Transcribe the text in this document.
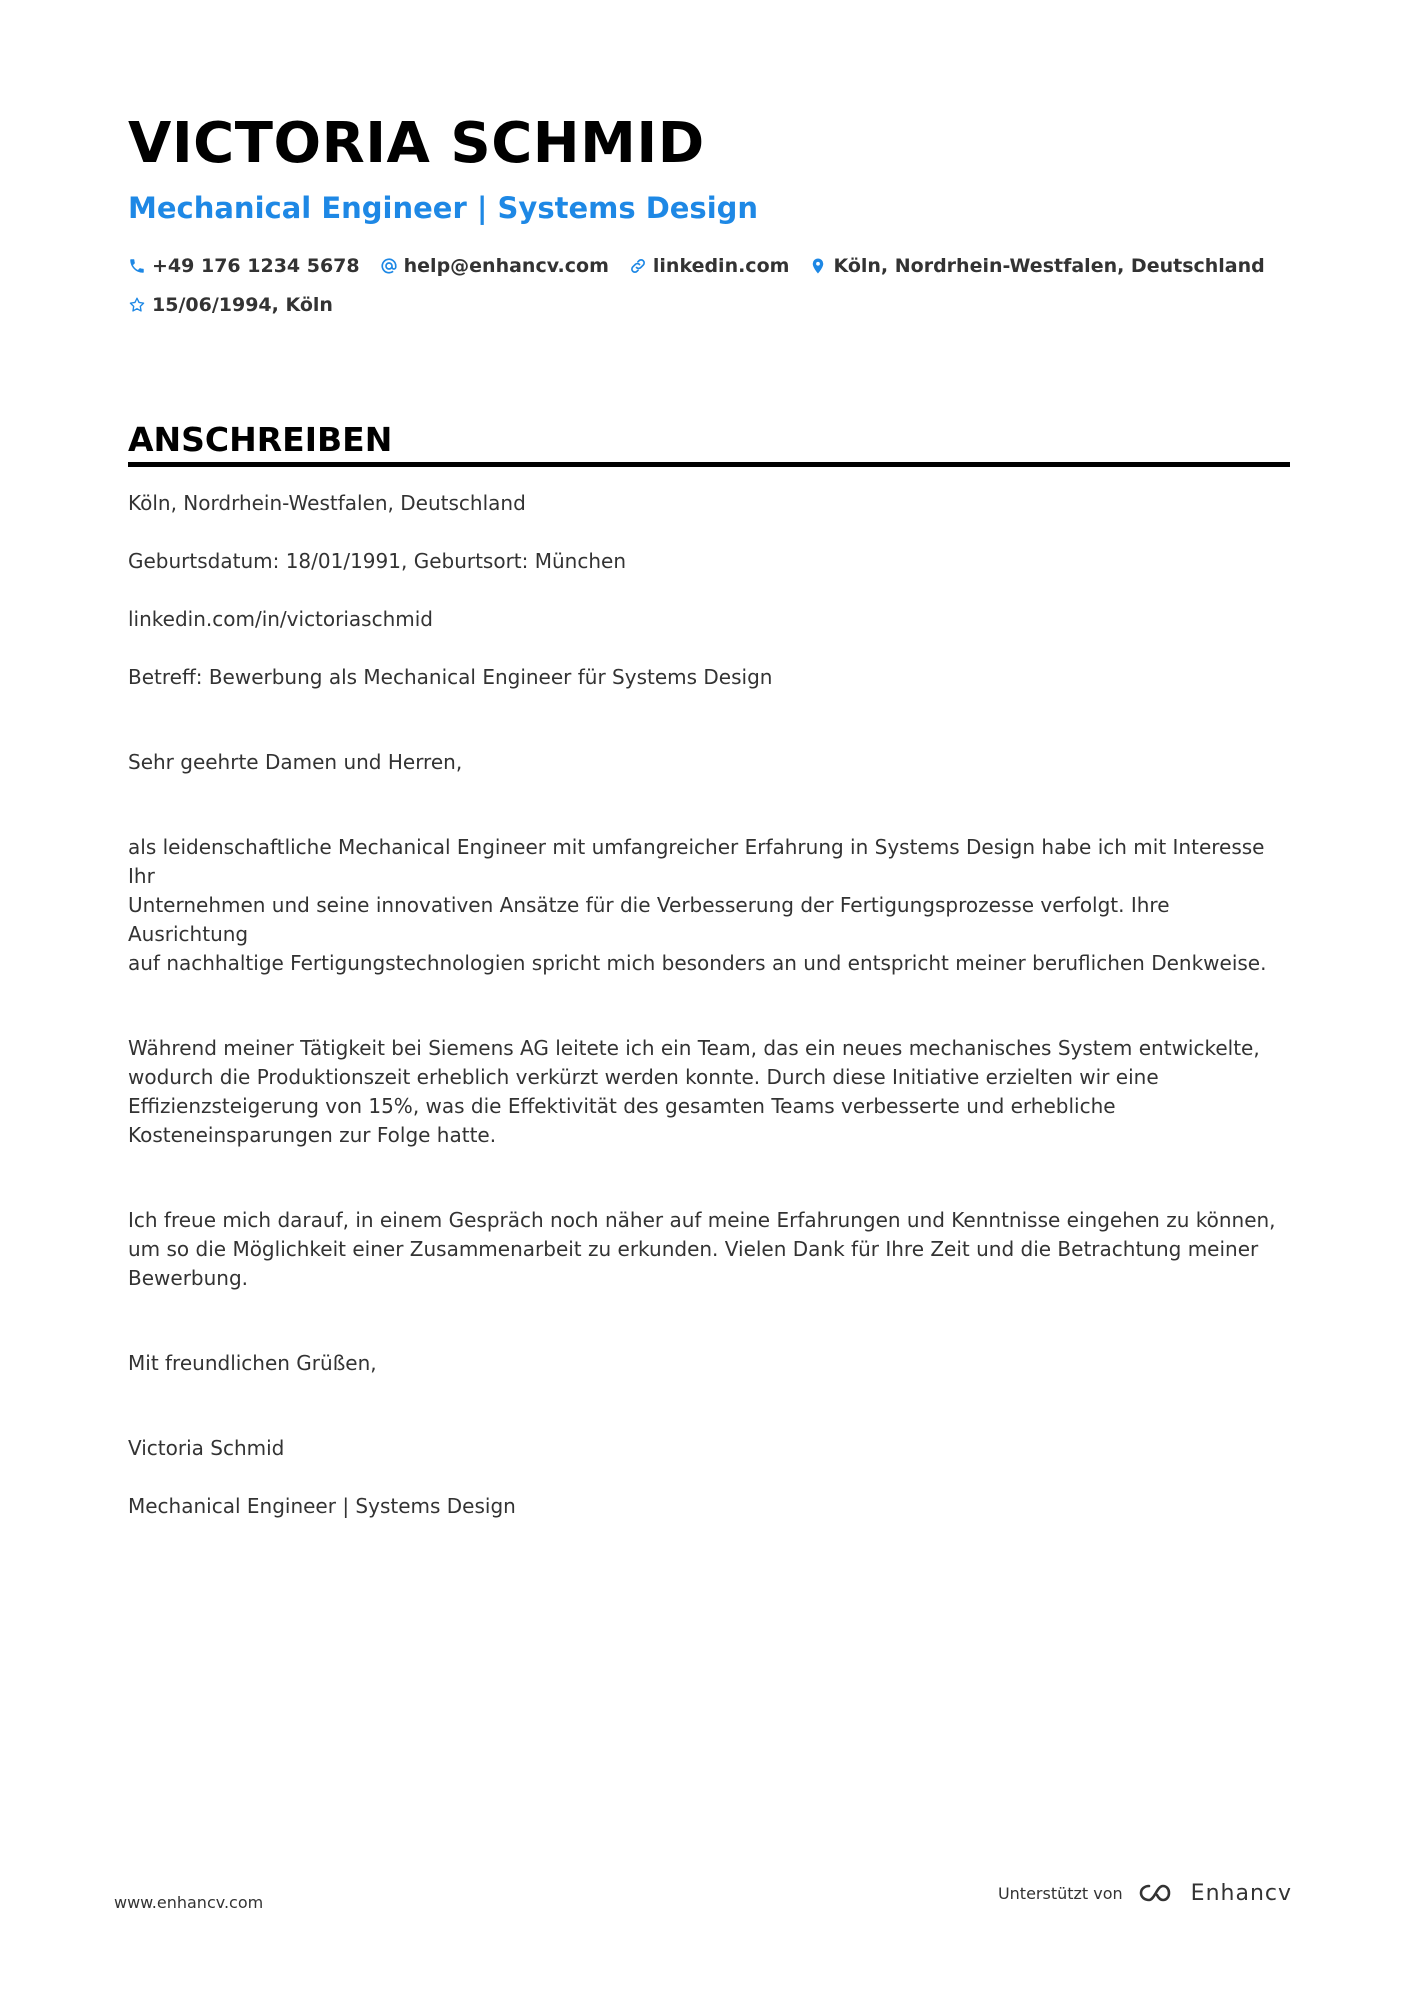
VICTORIA SCHMID
Mechanical Engineer | Systems Design
+49 176 1234 5678 help@enhancv.com linkedin.com Köln, Nordrhein-Westfalen, Deutschland
15/06/1994, Köln
ANSCHREIBEN

Köln, Nordrhein-Westfalen, Deutschland

Geburtsdatum: 18/01/1991, Geburtsort: München

linkedin.com/in/victoriaschmid

Betreff: Bewerbung als Mechanical Engineer für Systems Design

Sehr geehrte Damen und Herren,

als leidenschaftliche Mechanical Engineer mit umfangreicher Erfahrung in Systems Design habe ich mit Interesse Ihr

Unternehmen und seine innovativen Ansätze für die Verbesserung der Fertigungsprozesse verfolgt. Ihre Ausrichtung

auf nachhaltige Fertigungstechnologien spricht mich besonders an und entspricht meiner beruflichen Denkweise.

Während meiner Tätigkeit bei Siemens AG leitete ich ein Team, das ein neues mechanisches System entwickelte,

wodurch die Produktionszeit erheblich verkürzt werden konnte. Durch diese Initiative erzielten wir eine

Effizienzsteigerung von 15%, was die Effektivität des gesamten Teams verbesserte und erhebliche

Kosteneinsparungen zur Folge hatte.

Ich freue mich darauf, in einem Gespräch noch näher auf meine Erfahrungen und Kenntnisse eingehen zu können,

um so die Möglichkeit einer Zusammenarbeit zu erkunden. Vielen Dank für Ihre Zeit und die Betrachtung meiner

Bewerbung.

Mit freundlichen Grüßen,

Victoria Schmid

Mechanical Engineer | Systems Design

www.enhancv.com	Unterstützt von	Enhancv
